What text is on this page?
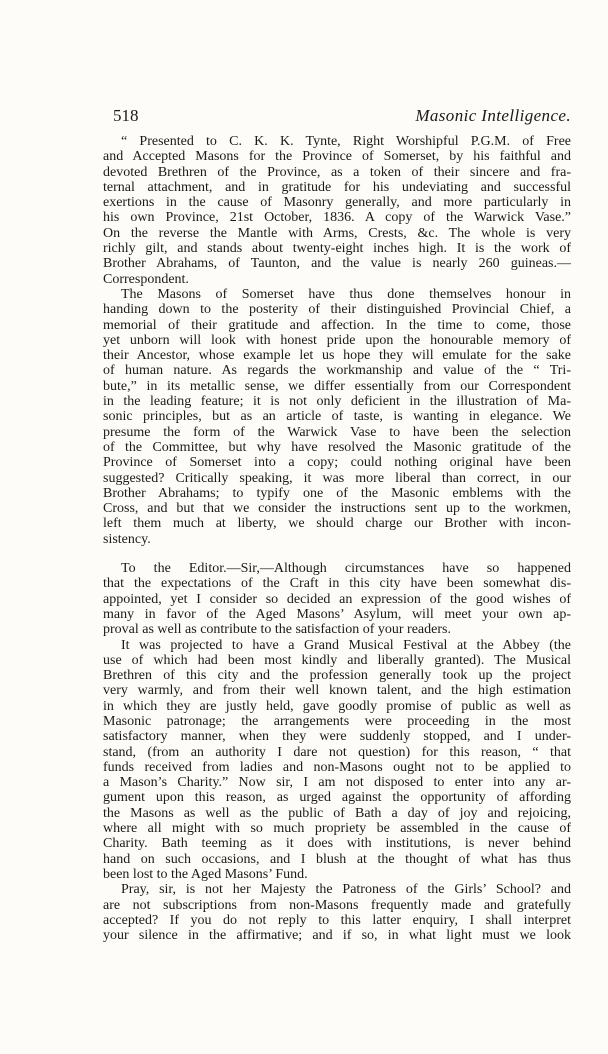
518	Masonic Intelligence.
“ Presented to C. K. K. Tynte, Right Worshipful P.G.M. of Free
and Accepted Masons for the Province of Somerset, by his faithful and
devoted Brethren of the Province, as a token of their sincere and fra-
ternal attachment, and in gratitude for his undeviating and successful
exertions in the cause of Masonry generally, and more particularly in
his own Province, 21st October, 1836. A copy of the Warwick Vase.”
On the reverse the Mantle with Arms, Crests, &c. The whole is very
richly gilt, and stands about twenty-eight inches high. It is the work of
Brother Abrahams, of Taunton, and the value is nearly 260 guineas.—
Correspondent.
The Masons of Somerset have thus done themselves honour in
handing down to the posterity of their distinguished Provincial Chief, a
memorial of their gratitude and affection. In the time to come, those
yet unborn will look with honest pride upon the honourable memory of
their Ancestor, whose example let us hope they will emulate for the sake
of human nature. As regards the workmanship and value of the “ Tri-
bute,” in its metallic sense, we differ essentially from our Correspondent
in the leading feature; it is not only deficient in the illustration of Ma-
sonic principles, but as an article of taste, is wanting in elegance. We
presume the form of the Warwick Vase to have been the selection
of the Committee, but why have resolved the Masonic gratitude of the
Province of Somerset into a copy; could nothing original have been
suggested? Critically speaking, it was more liberal than correct, in our
Brother Abrahams; to typify one of the Masonic emblems with the
Cross, and but that we consider the instructions sent up to the workmen,
left them much at liberty, we should charge our Brother with incon-
sistency.
To the Editor.—Sir,—Although circumstances have so happened
that the expectations of the Craft in this city have been somewhat dis-
appointed, yet I consider so decided an expression of the good wishes of
many in favor of the Aged Masons’ Asylum, will meet your own ap-
proval as well as contribute to the satisfaction of your readers.
It was projected to have a Grand Musical Festival at the Abbey (the
use of which had been most kindly and liberally granted). The Musical
Brethren of this city and the profession generally took up the project
very warmly, and from their well known talent, and the high estimation
in which they are justly held, gave goodly promise of public as well as
Masonic patronage; the arrangements were proceeding in the most
satisfactory manner, when they were suddenly stopped, and I under-
stand, (from an authority I dare not question) for this reason, “ that
funds received from ladies and non-Masons ought not to be applied to
a Mason’s Charity.” Now sir, I am not disposed to enter into any ar-
gument upon this reason, as urged against the opportunity of affording
the Masons as well as the public of Bath a day of joy and rejoicing,
where all might with so much propriety be assembled in the cause of
Charity. Bath teeming as it does with institutions, is never behind
hand on such occasions, and I blush at the thought of what has thus
been lost to the Aged Masons’ Fund.
Pray, sir, is not her Majesty the Patroness of the Girls’ School? and
are not subscriptions from non-Masons frequently made and gratefully
accepted? If you do not reply to this latter enquiry, I shall interpret
your silence in the affirmative; and if so, in what light must we look
